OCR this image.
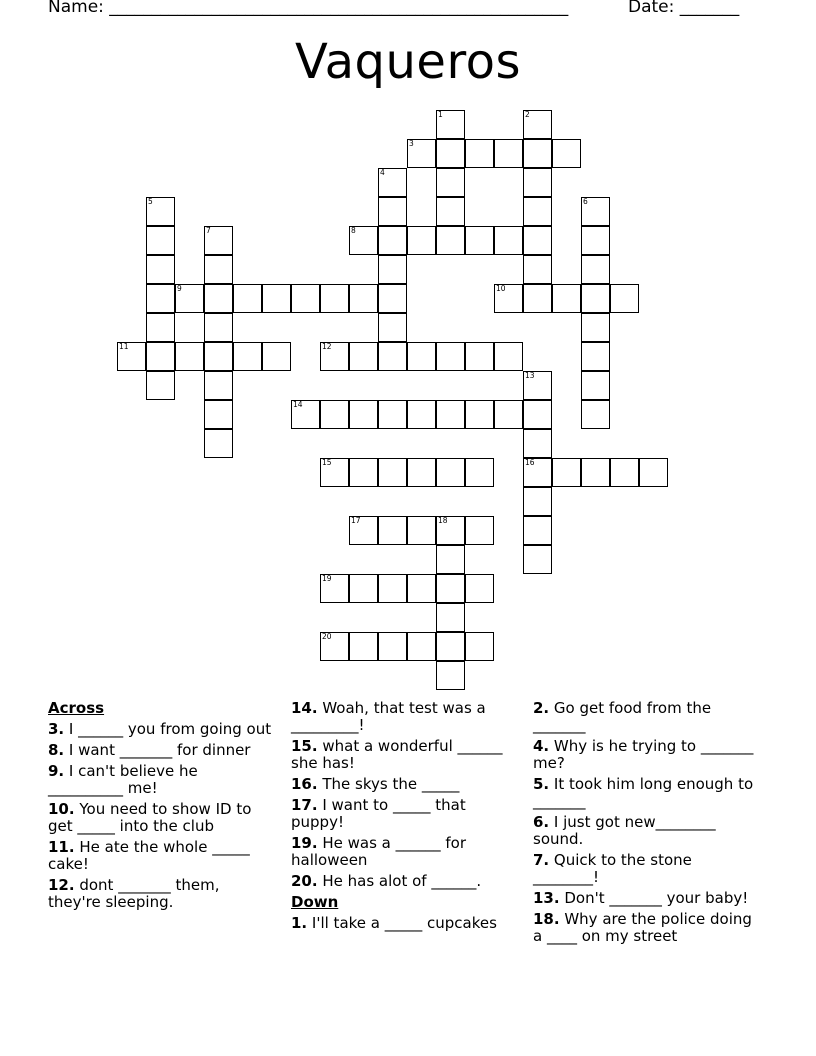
Name: ______________________________________________________	Date: _______
Vaqueros
1	2
3
4
5	6
7	8
9	10
11	12
13
16
14
15
17	18
19
20
Across
3. I ______ you from going out
8. I want _______ for dinner
9. I can't believe he __________ me!
10. You need to show ID to get _____ into the club
11. He ate the whole _____ cake!
12. dont _______ them, they're sleeping.
14. Woah, that test was a _________!
15. what a wonderful ______ she has!
16. The skys the _____
17. I want to _____ that puppy!
19. He was a ______ for halloween
20. He has alot of ______.
Down
1. I'll take a _____ cupcakes
2. Go get food from the _______
4. Why is he trying to _______ me?
5. It took him long enough to _______
6. I just got new________ sound.
7. Quick to the stone ________!
13. Don't _______ your baby!
18. Why are the police doing a ____ on my street
